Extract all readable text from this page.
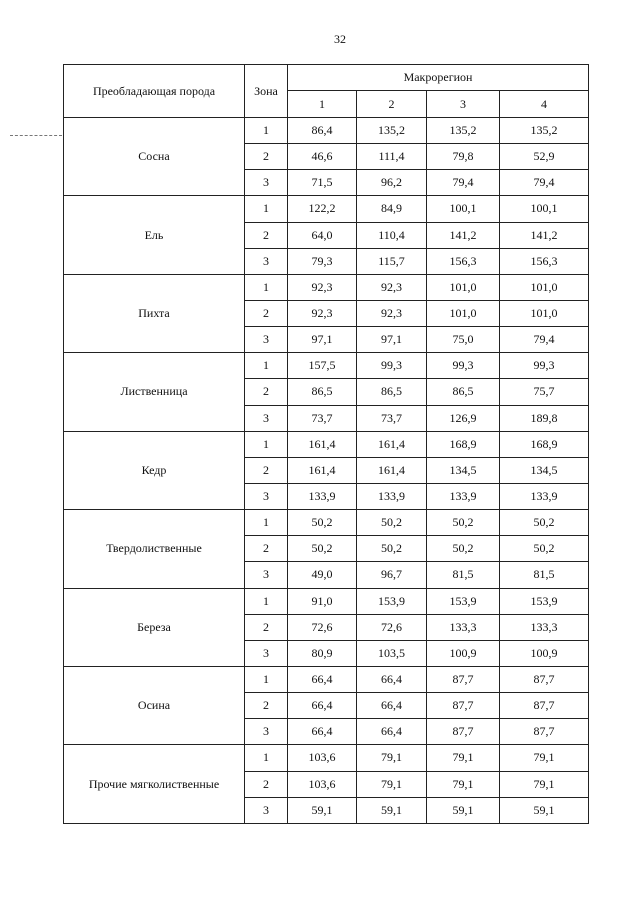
32
Преобладающая порода	Зона	Макрорегион			
		1	2	3	4
Сосна	1	86,4	135,2	135,2	135,2
	2	46,6	111,4	79,8	52,9
	3	71,5	96,2	79,4	79,4
Ель	1	122,2	84,9	100,1	100,1
	2	64,0	110,4	141,2	141,2
	3	79,3	115,7	156,3	156,3
Пихта	1	92,3	92,3	101,0	101,0
	2	92,3	92,3	101,0	101,0
	3	97,1	97,1	75,0	79,4
Лиственница	1	157,5	99,3	99,3	99,3
	2	86,5	86,5	86,5	75,7
	3	73,7	73,7	126,9	189,8
Кедр	1	161,4	161,4	168,9	168,9
	2	161,4	161,4	134,5	134,5
	3	133,9	133,9	133,9	133,9
Твердолиственные	1	50,2	50,2	50,2	50,2
	2	50,2	50,2	50,2	50,2
	3	49,0	96,7	81,5	81,5
Береза	1	91,0	153,9	153,9	153,9
	2	72,6	72,6	133,3	133,3
	3	80,9	103,5	100,9	100,9
Осина	1	66,4	66,4	87,7	87,7
	2	66,4	66,4	87,7	87,7
	3	66,4	66,4	87,7	87,7
Прочие мягколиственные	1	103,6	79,1	79,1	79,1
	2	103,6	79,1	79,1	79,1
	3	59,1	59,1	59,1	59,1
